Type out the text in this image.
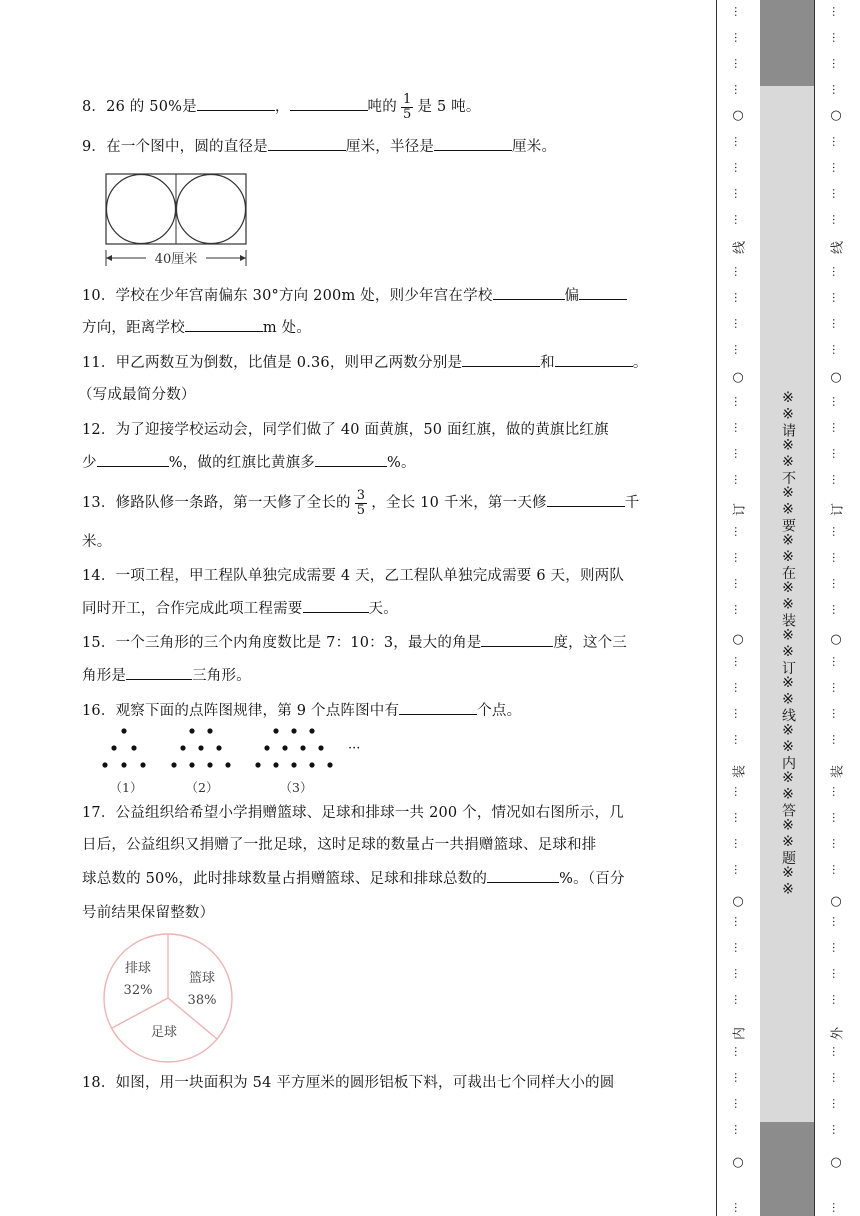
8．26 的 50%是	，	吨的 $\frac{1}{5}$ 是 5 吨。
9．在一个图中，圆的直径是	厘米，半径是	厘米。
40厘米
10．学校在少年宫南偏东 30°方向 200m 处，则少年宫在学校	偏
方向，距离学校	m 处。
11．甲乙两数互为倒数，比值是 0.36，则甲乙两数分别是	和	。
（写成最简分数）
12．为了迎接学校运动会，同学们做了 40 面黄旗，50 面红旗，做的黄旗比红旗
少	%，做的红旗比黄旗多	%。
13．修路队修一条路，第一天修了全长的 $\frac{3}{5}$ ，全长 10 千米，第一天修	千
米。
14．一项工程，甲工程队单独完成需要 4 天，乙工程队单独完成需要 6 天，则两队
同时开工，合作完成此项工程需要	天。
15．一个三角形的三个内角度数比是 7：10：3，最大的角是	度，这个三
角形是	三角形。
16．观察下面的点阵图规律，第 9 个点阵图中有	个点。
···
（1）	（2）	（3）
17．公益组织给希望小学捐赠篮球、足球和排球一共 200 个，情况如右图所示，几
日后，公益组织又捐赠了一批足球，这时足球的数量占一共捐赠篮球、足球和排
球总数的 50%，此时排球数量占捐赠篮球、足球和排球总数的	%。（百分
号前结果保留整数）
排球
32%
篮球
38%
足球
18．如图，用一块面积为 54 平方厘米的圆形铝板下料，可裁出七个同样大小的圆
※※请※※不※※要※※在※※装※※订※※线※※内※※答※※题※※
…
…
…
…
…
…
…
…
…
…
…
…
…
…
…
…
…
…
…
…
…
…
…
…
…
…
…
…
…
…
…
…
…
…
…
…
…
○
线
○
订
○
装
○
内
○
…
…
…
…
…
…
…
…
…
…
…
…
…
…
…
…
…
…
…
…
…
…
…
…
…
…
…
…
…
…
…
…
…
…
…
…
…
○
线
○
订
○
装
○
外
○
